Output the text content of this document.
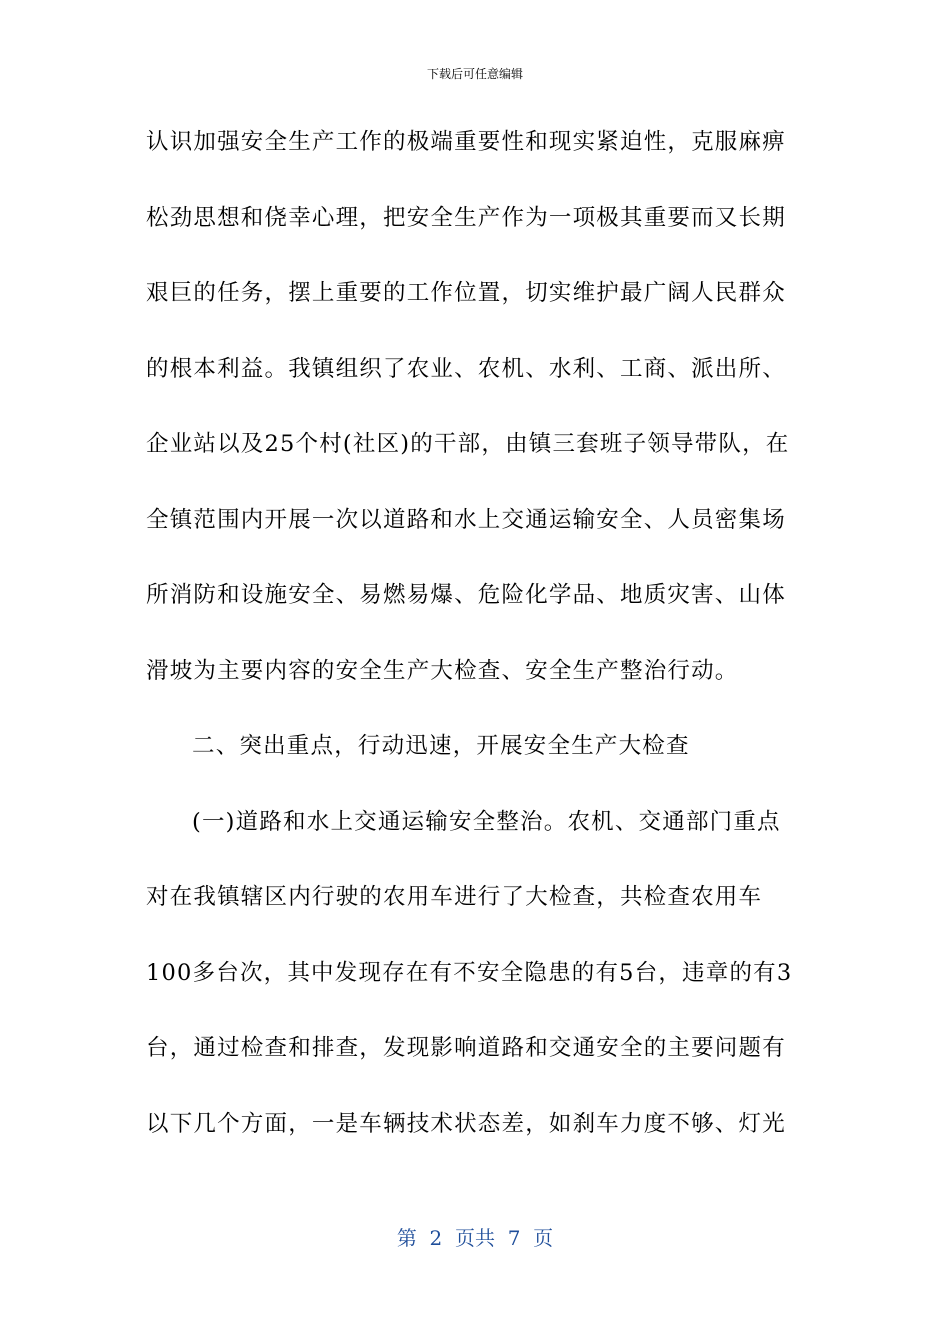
下载后可任意编辑
认识加强安全生产工作的极端重要性和现实紧迫性，克服麻痹
松劲思想和侥幸心理，把安全生产作为一项极其重要而又长期
艰巨的任务，摆上重要的工作位置，切实维护最广阔人民群众
的根本利益。我镇组织了农业、农机、水利、工商、派出所、
企业站以及25个村(社区)的干部，由镇三套班子领导带队，在
全镇范围内开展一次以道路和水上交通运输安全、人员密集场
所消防和设施安全、易燃易爆、危险化学品、地质灾害、山体
滑坡为主要内容的安全生产大检查、安全生产整治行动。
二、突出重点，行动迅速，开展安全生产大检查
(一)道路和水上交通运输安全整治。农机、交通部门重点
对在我镇辖区内行驶的农用车进行了大检查，共检查农用车
100多台次，其中发现存在有不安全隐患的有5台，违章的有3
台，通过检查和排查，发现影响道路和交通安全的主要问题有
以下几个方面，一是车辆技术状态差，如刹车力度不够、灯光
第  2  页共  7  页
